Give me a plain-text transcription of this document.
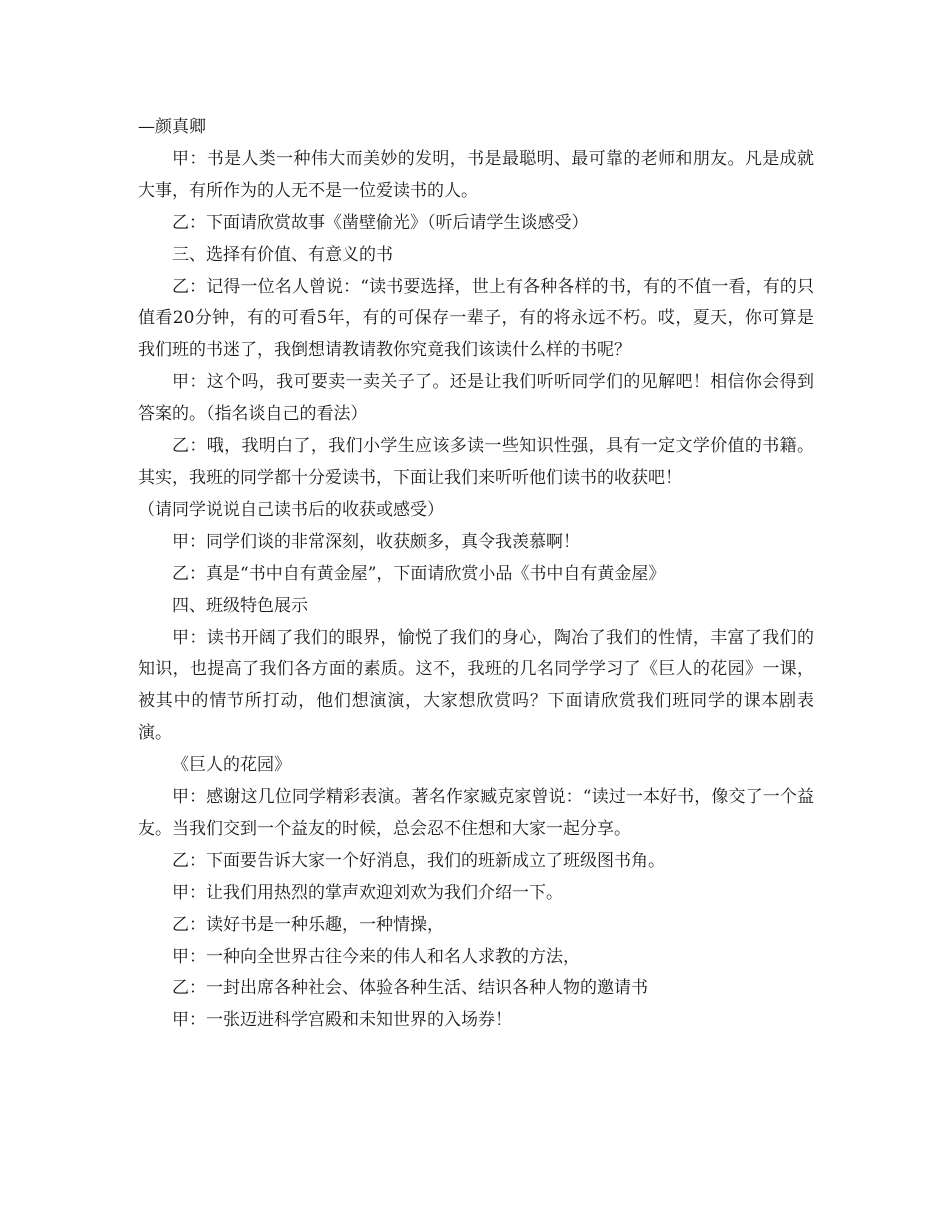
—颜真卿

甲：书是人类一种伟大而美妙的发明，书是最聪明、最可靠的老师和朋友。凡是成就大事，有所作为的人无不是一位爱读书的人。

乙：下面请欣赏故事《凿壁偷光》（听后请学生谈感受）

三、选择有价值、有意义的书

乙：记得一位名人曾说：“读书要选择，世上有各种各样的书，有的不值一看，有的只值看20分钟，有的可看5年，有的可保存一辈子，有的将永远不朽。哎，夏天，你可算是我们班的书迷了，我倒想请教请教你究竟我们该读什么样的书呢？

甲：这个吗，我可要卖一卖关子了。还是让我们听听同学们的见解吧！相信你会得到答案的。（指名谈自己的看法）

乙：哦，我明白了，我们小学生应该多读一些知识性强，具有一定文学价值的书籍。其实，我班的同学都十分爱读书，下面让我们来听听他们读书的收获吧！

（请同学说说自己读书后的收获或感受）

甲：同学们谈的非常深刻，收获颇多，真令我羡慕啊！

乙：真是“书中自有黄金屋”，下面请欣赏小品《书中自有黄金屋》

四、班级特色展示

甲：读书开阔了我们的眼界，愉悦了我们的身心，陶冶了我们的性情，丰富了我们的知识，也提高了我们各方面的素质。这不，我班的几名同学学习了《巨人的花园》一课，被其中的情节所打动，他们想演演，大家想欣赏吗？下面请欣赏我们班同学的课本剧表演。

《巨人的花园》

甲：感谢这几位同学精彩表演。著名作家臧克家曾说：“读过一本好书，像交了一个益友。当我们交到一个益友的时候，总会忍不住想和大家一起分享。

乙：下面要告诉大家一个好消息，我们的班新成立了班级图书角。

甲：让我们用热烈的掌声欢迎刘欢为我们介绍一下。

乙：读好书是一种乐趣，一种情操，

甲：一种向全世界古往今来的伟人和名人求教的方法，

乙：一封出席各种社会、体验各种生活、结识各种人物的邀请书

甲：一张迈进科学宫殿和未知世界的入场券！
